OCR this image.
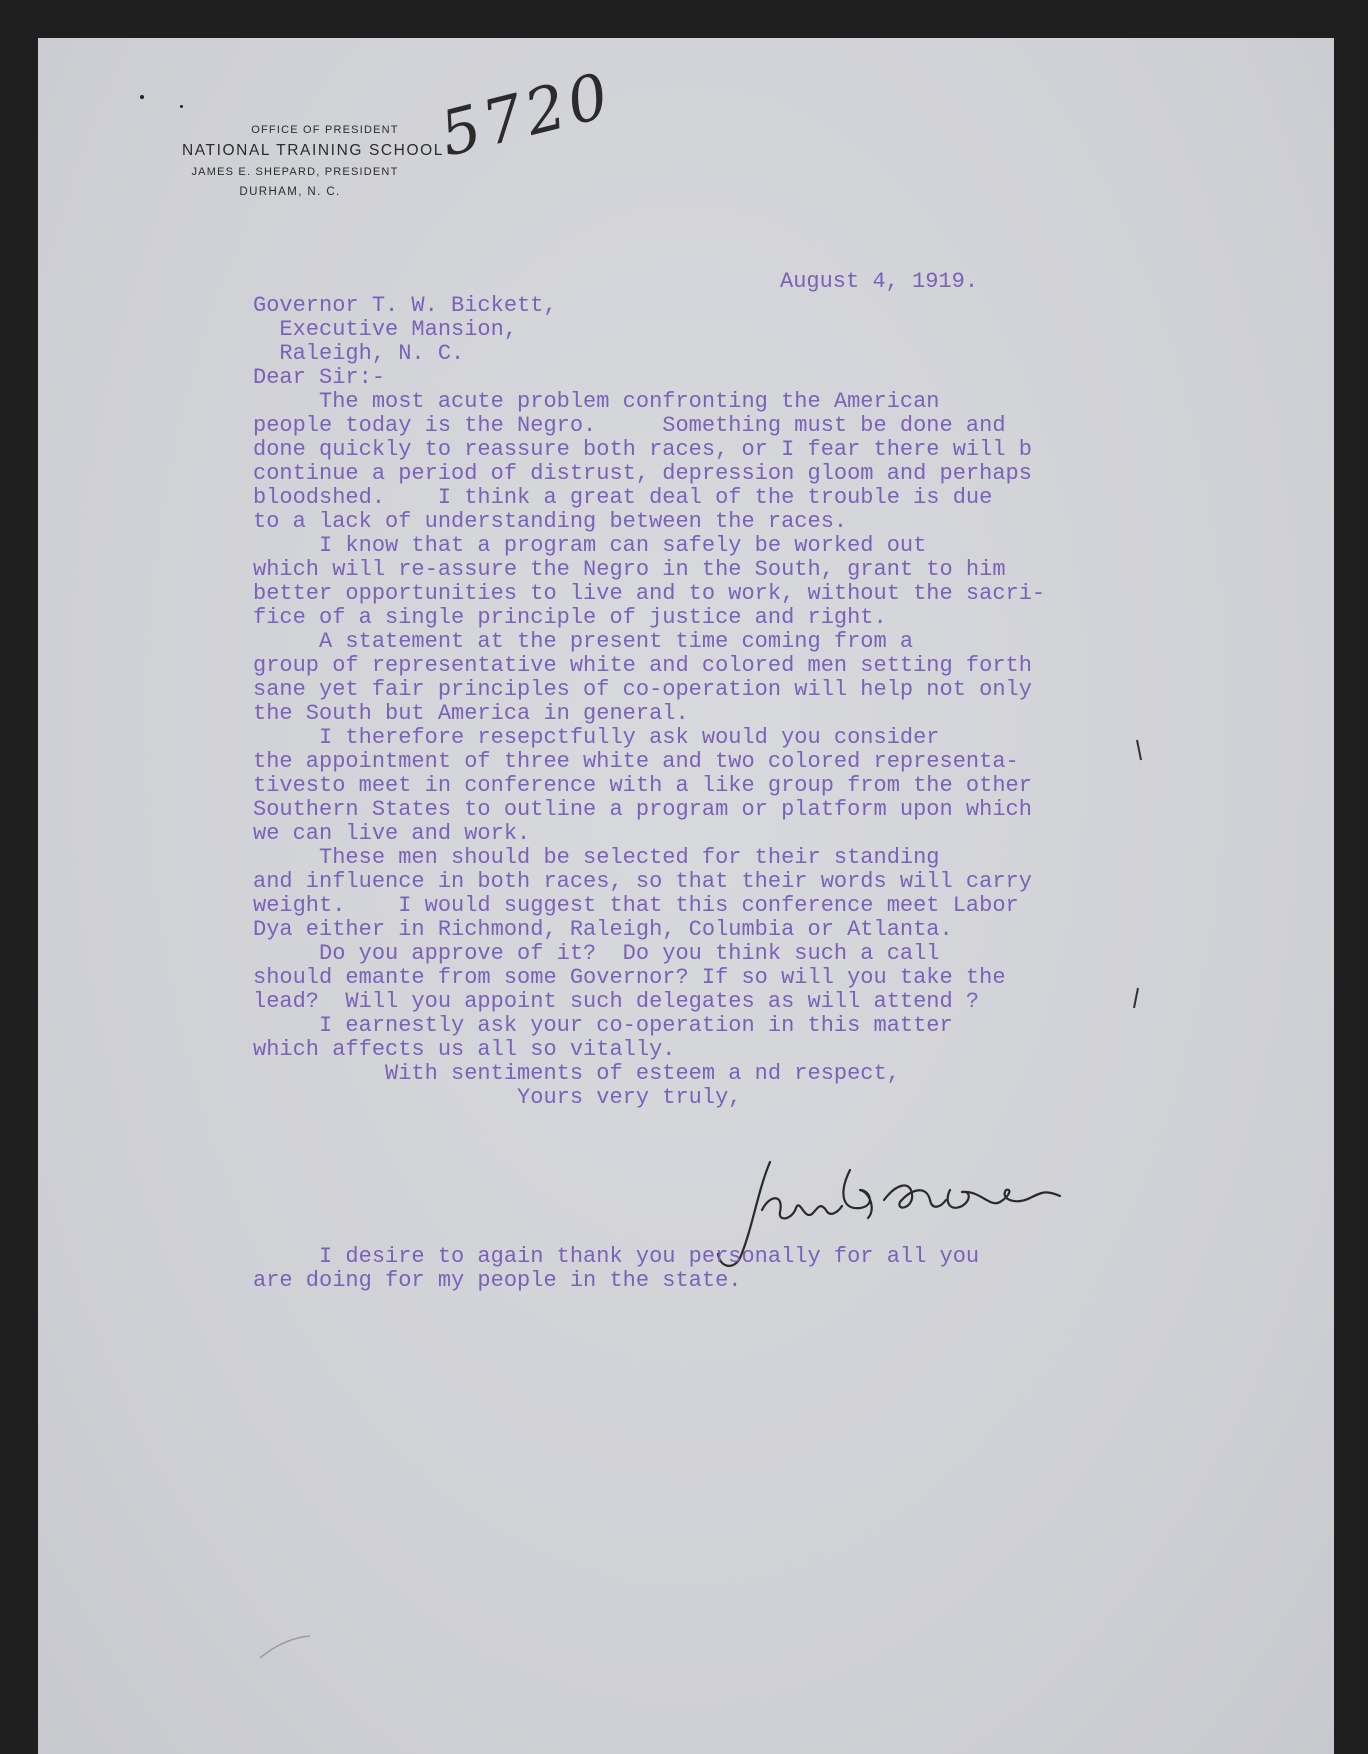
OFFICE OF PRESIDENT
NATIONAL TRAINING SCHOOL
JAMES E. SHEPARD, PRESIDENT
DURHAM, N. C.
5720
August 4, 1919.
Governor T. W. Bickett,
Executive Mansion,
Raleigh, N. C.
Dear Sir:-
The most acute problem confronting the American
people today is the Negro.     Something must be done and
done quickly to reassure both races, or I fear there will b
continue a period of distrust, depression gloom and perhaps
bloodshed.    I think a great deal of the trouble is due
to a lack of understanding between the races.
I know that a program can safely be worked out
which will re-assure the Negro in the South, grant to him
better opportunities to live and to work, without the sacri-
fice of a single principle of justice and right.
A statement at the present time coming from a
group of representative white and colored men setting forth
sane yet fair principles of co-operation will help not only
the South but America in general.
I therefore resepctfully ask would you consider
the appointment of three white and two colored representa-
tivesto meet in conference with a like group from the other
Southern States to outline a program or platform upon which
we can live and work.
These men should be selected for their standing
and influence in both races, so that their words will carry
weight.    I would suggest that this conference meet Labor
Dya either in Richmond, Raleigh, Columbia or Atlanta.
Do you approve of it?  Do you think such a call
should emante from some Governor? If so will you take the
lead?  Will you appoint such delegates as will attend ?
I earnestly ask your co-operation in this matter
which affects us all so vitally.
With sentiments of esteem a nd respect,
Yours very truly,
I desire to again thank you personally for all you
are doing for my people in the state.
